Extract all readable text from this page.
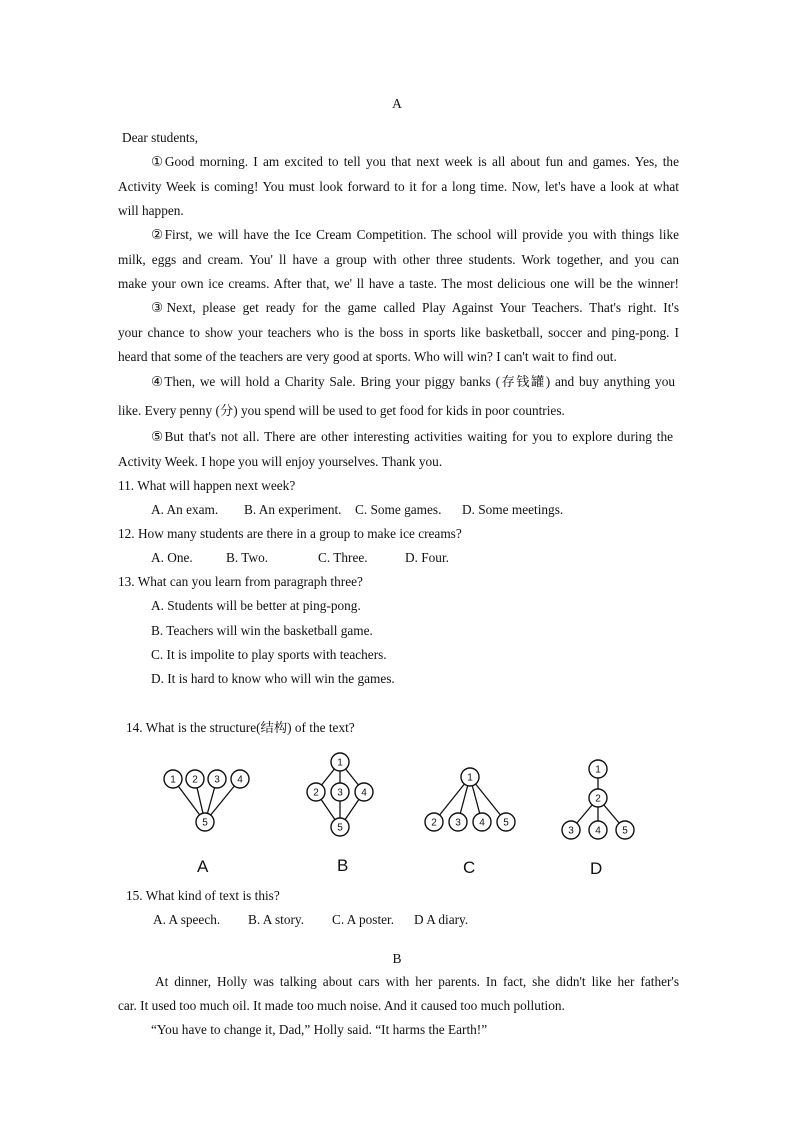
A
Dear students,
①Good morning. I am excited to tell you that next week is all about fun and games. Yes, the
Activity Week is coming! You must look forward to it for a long time. Now, let's have a look at what
will happen.
②First, we will have the Ice Cream Competition. The school will provide you with things like
milk, eggs and cream. You' ll have a group with other three students. Work together, and you can
make your own ice creams. After that, we' ll have a taste. The most delicious one will be the winner!
③Next, please get ready for the game called Play Against Your Teachers. That's right. It's
your chance to show your teachers who is the boss in sports like basketball, soccer and ping-pong. I
heard that some of the teachers are very good at sports. Who will win? I can't wait to find out.
④Then, we will hold a Charity Sale. Bring your piggy banks (存钱罐) and buy anything you
like. Every penny (分) you spend will be used to get food for kids in poor countries.
⑤But that's not all. There are other interesting activities waiting for you to explore during the
Activity Week. I hope you will enjoy yourselves. Thank you.
11. What will happen next week?
A. An exam. B. An experiment. C. Some games. D. Some meetings.
12. How many students are there in a group to make ice creams?
A. One.	B. Two.	C. Three.	D. Four.
13. What can you learn from paragraph three?
A. Students will be better at ping-pong.
B. Teachers will win the basketball game.
C. It is impolite to play sports with teachers.
D. It is hard to know who will win the games.
14. What is the structure(结构) of the text?
1 2 3 4
5
1
2 3 4
5
1
2 3 4 5
1
2
3 4 5
A	B	C	D
15. What kind of text is this?
A. A speech. B. A story. C. A poster. D A diary.
B
At dinner, Holly was talking about cars with her parents. In fact, she didn't like her father's
car. It used too much oil. It made too much noise. And it caused too much pollution.
“You have to change it, Dad,” Holly said. “It harms the Earth!”
